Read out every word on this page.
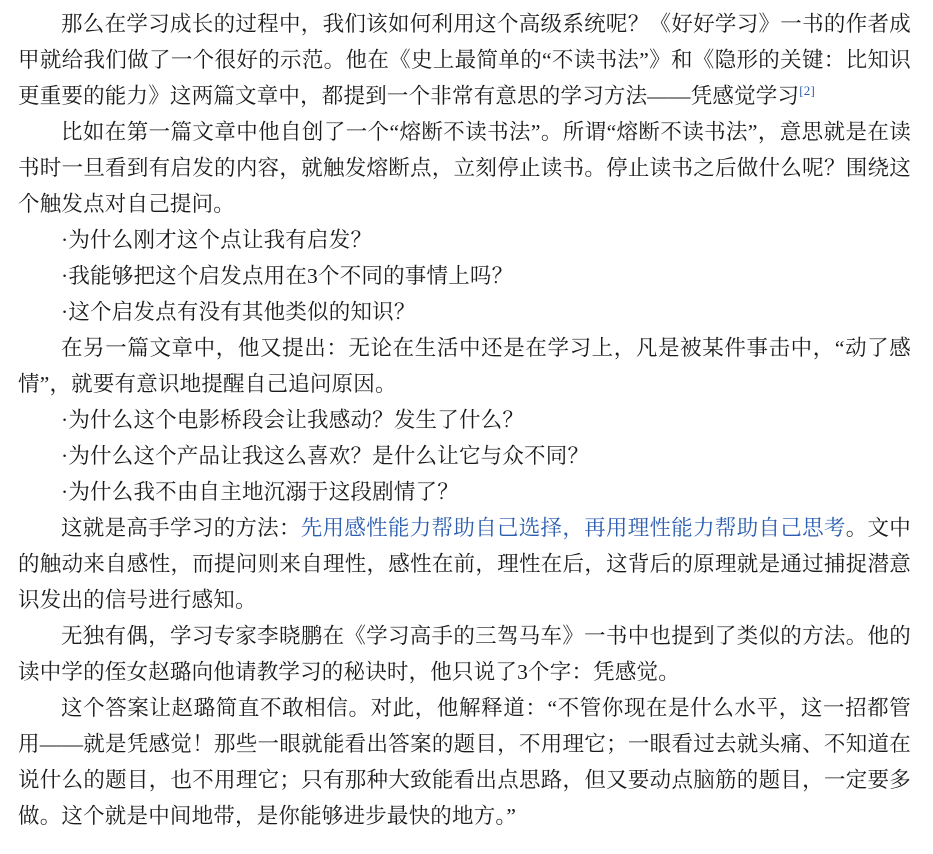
那么在学习成长的过程中，我们该如何利用这个高级系统呢？《好好学习》一书的作者成甲就给我们做了一个很好的示范。他在《史上最简单的“不读书法”》和《隐形的关键：比知识更重要的能力》这两篇文章中，都提到一个非常有意思的学习方法——凭感觉学习[2]

比如在第一篇文章中他自创了一个“熔断不读书法”。所谓“熔断不读书法”，意思就是在读书时一旦看到有启发的内容，就触发熔断点，立刻停止读书。停止读书之后做什么呢？围绕这个触发点对自己提问。

·为什么刚才这个点让我有启发？

·我能够把这个启发点用在3个不同的事情上吗？

·这个启发点有没有其他类似的知识？

在另一篇文章中，他又提出：无论在生活中还是在学习上，凡是被某件事击中，“动了感情”，就要有意识地提醒自己追问原因。

·为什么这个电影桥段会让我感动？发生了什么？

·为什么这个产品让我这么喜欢？是什么让它与众不同？

·为什么我不由自主地沉溺于这段剧情了？

这就是高手学习的方法：先用感性能力帮助自己选择，再用理性能力帮助自己思考。文中的触动来自感性，而提问则来自理性，感性在前，理性在后，这背后的原理就是通过捕捉潜意识发出的信号进行感知。

无独有偶，学习专家李晓鹏在《学习高手的三驾马车》一书中也提到了类似的方法。他的读中学的侄女赵璐向他请教学习的秘诀时，他只说了3个字：凭感觉。

这个答案让赵璐简直不敢相信。对此，他解释道：“不管你现在是什么水平，这一招都管用——就是凭感觉！那些一眼就能看出答案的题目，不用理它；一眼看过去就头痛、不知道在说什么的题目，也不用理它；只有那种大致能看出点思路，但又要动点脑筋的题目，一定要多做。这个就是中间地带，是你能够进步最快的地方。”
